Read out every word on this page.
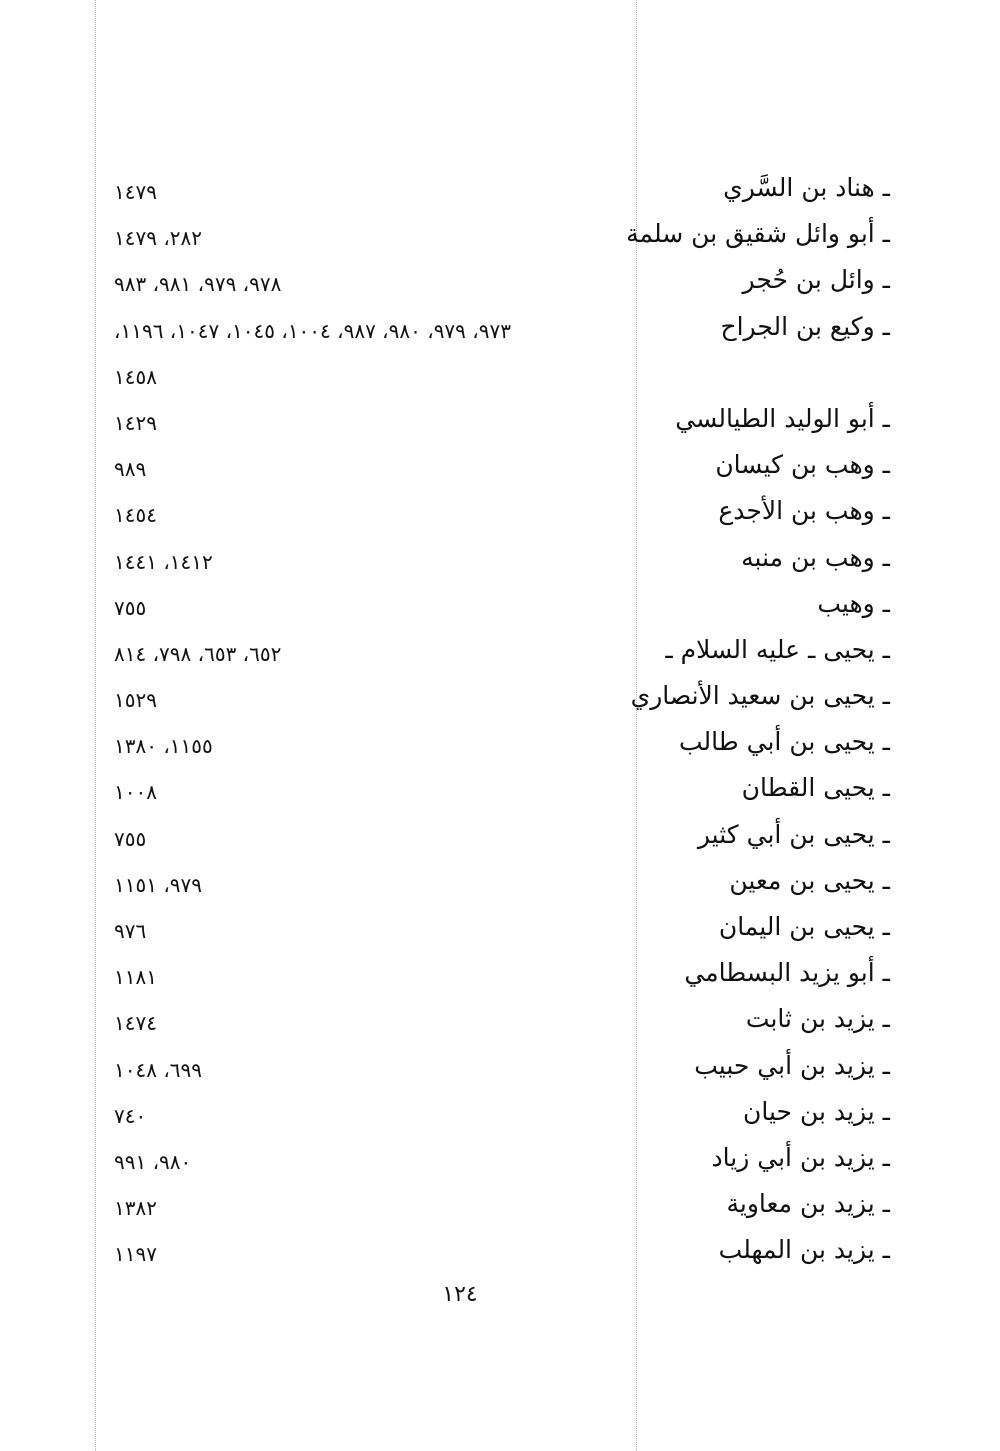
ـ هناد بن السَّري
١٤٧٩
ـ أبو وائل شقيق بن سلمة
٢٨٢، ١٤٧٩
ـ وائل بن حُجر
٩٧٨، ٩٧٩، ٩٨١، ٩٨٣
ـ وكيع بن الجراح
٩٧٣، ٩٧٩، ٩٨٠، ٩٨٧، ١٠٠٤، ١٠٤٥، ١٠٤٧، ١١٩٦، ١٤٥٨
ـ أبو الوليد الطيالسي
١٤٢٩
ـ وهب بن كيسان
٩٨٩
ـ وهب بن الأجدع
١٤٥٤
ـ وهب بن منبه
١٤١٢، ١٤٤١
ـ وهيب
٧٥٥
ـ يحيى ـ عليه السلام ـ
٦٥٢، ٦٥٣، ٧٩٨، ٨١٤
ـ يحيى بن سعيد الأنصاري
١٥٢٩
ـ يحيى بن أبي طالب
١١٥٥، ١٣٨٠
ـ يحيى القطان
١٠٠٨
ـ يحيى بن أبي كثير
٧٥٥
ـ يحيى بن معين
٩٧٩، ١١٥١
ـ يحيى بن اليمان
٩٧٦
ـ أبو يزيد البسطامي
١١٨١
ـ يزيد بن ثابت
١٤٧٤
ـ يزيد بن أبي حبيب
٦٩٩، ١٠٤٨
ـ يزيد بن حيان
٧٤٠
ـ يزيد بن أبي زياد
٩٨٠، ٩٩١
ـ يزيد بن معاوية
١٣٨٢
ـ يزيد بن المهلب
١١٩٧
١٢٤
